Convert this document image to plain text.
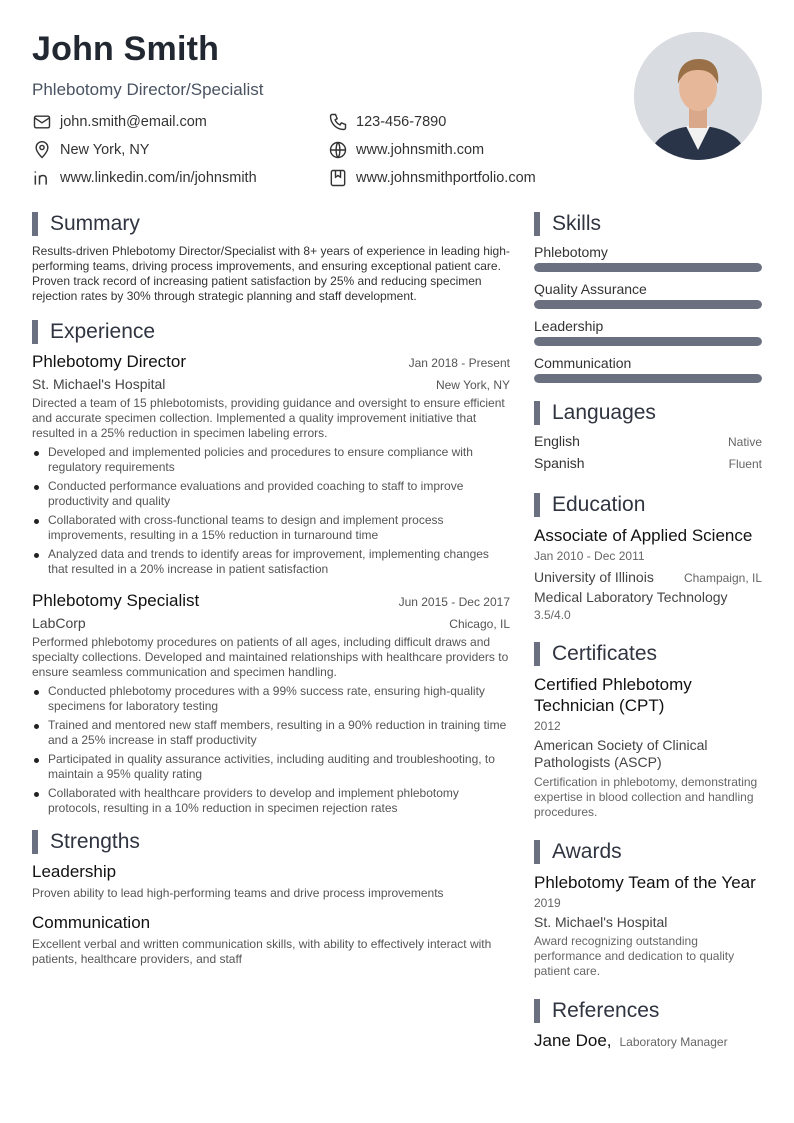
John Smith
Phlebotomy Director/Specialist
john.smith@email.com	123-456-7890
New York, NY	www.johnsmith.com
www.linkedin.com/in/johnsmith	www.johnsmithportfolio.com
Summary
Results-driven Phlebotomy Director/Specialist with 8+ years of experience in leading high-performing teams, driving process improvements, and ensuring exceptional patient care. Proven track record of increasing patient satisfaction by 25% and reducing specimen rejection rates by 30% through strategic planning and staff development.
Experience
Phlebotomy Director	Jan 2018 - Present
St. Michael's Hospital	New York, NY
Directed a team of 15 phlebotomists, providing guidance and oversight to ensure efficient and accurate specimen collection. Implemented a quality improvement initiative that resulted in a 25% reduction in specimen labeling errors.
Developed and implemented policies and procedures to ensure compliance with regulatory requirements
Conducted performance evaluations and provided coaching to staff to improve productivity and quality
Collaborated with cross-functional teams to design and implement process improvements, resulting in a 15% reduction in turnaround time
Analyzed data and trends to identify areas for improvement, implementing changes that resulted in a 20% increase in patient satisfaction
Phlebotomy Specialist	Jun 2015 - Dec 2017
LabCorp	Chicago, IL
Performed phlebotomy procedures on patients of all ages, including difficult draws and specialty collections. Developed and maintained relationships with healthcare providers to ensure seamless communication and specimen handling.
Conducted phlebotomy procedures with a 99% success rate, ensuring high-quality specimens for laboratory testing
Trained and mentored new staff members, resulting in a 90% reduction in training time and a 25% increase in staff productivity
Participated in quality assurance activities, including auditing and troubleshooting, to maintain a 95% quality rating
Collaborated with healthcare providers to develop and implement phlebotomy protocols, resulting in a 10% reduction in specimen rejection rates
Strengths
Leadership
Proven ability to lead high-performing teams and drive process improvements
Communication
Excellent verbal and written communication skills, with ability to effectively interact with patients, healthcare providers, and staff
Skills
Phlebotomy
Quality Assurance
Leadership
Communication
Languages
English	Native
Spanish	Fluent
Education
Associate of Applied Science
Jan 2010 - Dec 2011
University of Illinois	Champaign, IL
Medical Laboratory Technology
3.5/4.0
Certificates
Certified Phlebotomy Technician (CPT)
2012
American Society of Clinical Pathologists (ASCP)
Certification in phlebotomy, demonstrating expertise in blood collection and handling procedures.
Awards
Phlebotomy Team of the Year
2019
St. Michael's Hospital
Award recognizing outstanding performance and dedication to quality patient care.
References
Jane Doe, Laboratory Manager
